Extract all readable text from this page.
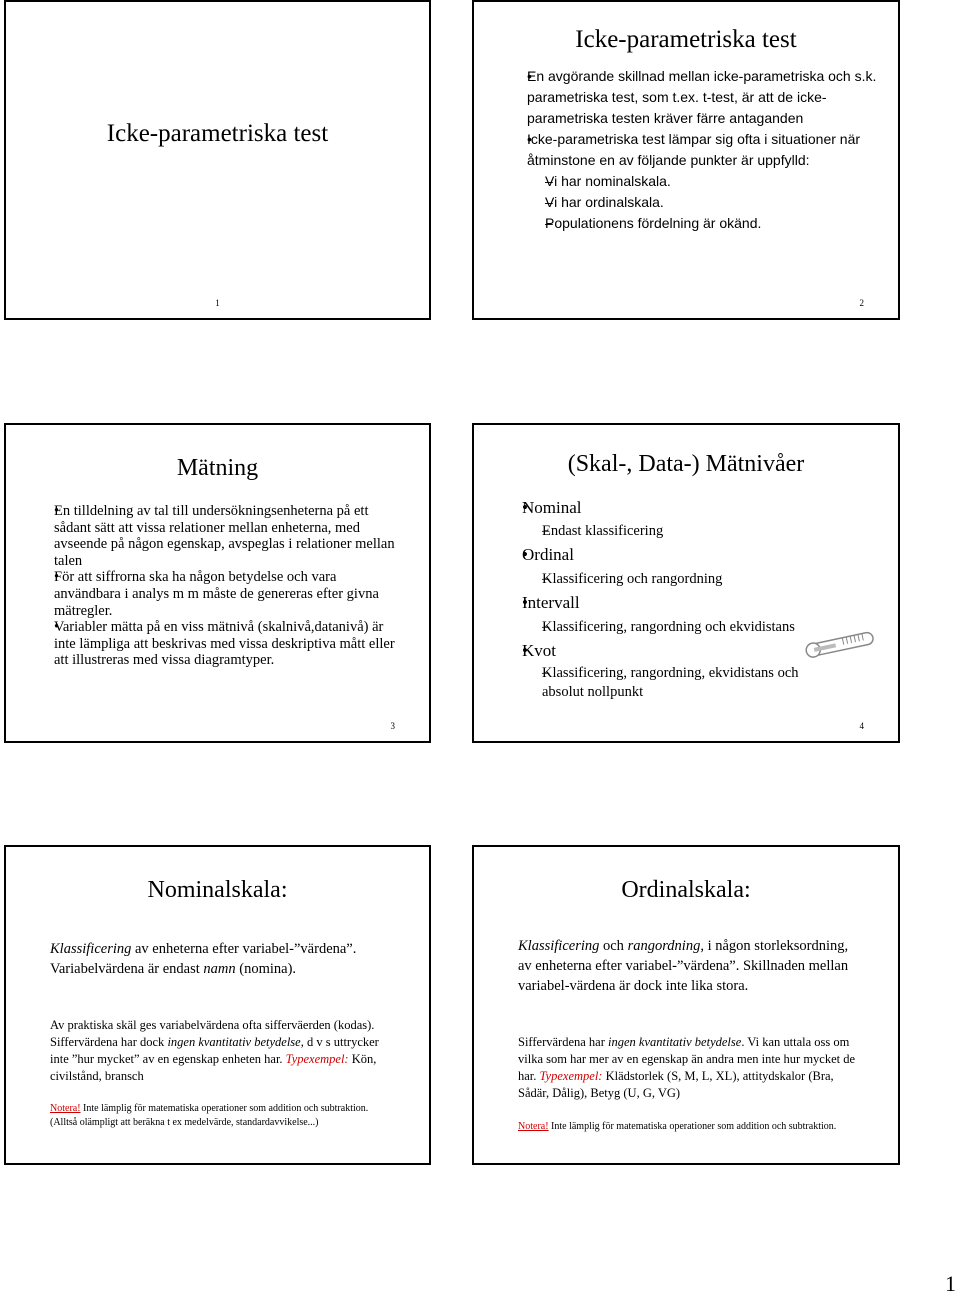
Icke-parametriska test
1
Icke-parametriska test
• En avgörande skillnad mellan icke-parametriska och s.k. parametriska test, som t.ex. t-test, är att de icke-parametriska testen kräver färre antaganden
• Icke-parametriska test lämpar sig ofta i situationer när åtminstone en av följande punkter är uppfylld:
– Vi har nominalskala.
– Vi har ordinalskala.
– Populationens fördelning är okänd.
2
Mätning
• En tilldelning av tal till undersökningsenheterna på ett sådant sätt att vissa relationer mellan enheterna, med avseende på någon egenskap, avspeglas i relationer mellan talen
• För att siffrorna ska ha någon betydelse och vara användbara i analys m m måste de genereras efter givna mätregler.
• Variabler mätta på en viss mätnivå (skalnivå,datanivå) är inte lämpliga att beskrivas med vissa deskriptiva mått eller att illustreras med vissa diagramtyper.
3
(Skal-, Data-) Mätnivåer
• Nominal
– Endast klassificering
• Ordinal
– Klassificering och rangordning
• Intervall
– Klassificering, rangordning och ekvidistans
• Kvot
– Klassificering, rangordning, ekvidistans och absolut nollpunkt
4
Nominalskala:
Klassificering av enheterna efter variabel-”värdena”. Variabelvärdena är endast namn (nomina).
Av praktiska skäl ges variabelvärdena ofta sifferväerden (kodas). Siffervärdena har dock ingen kvantitativ betydelse, d v s uttrycker inte ”hur mycket” av en egenskap enheten har. Typexempel: Kön, civilstånd, bransch
Notera! Inte lämplig för matematiska operationer som addition och subtraktion. (Alltså olämpligt att beräkna t ex medelvärde, standardavvikelse...)
Ordinalskala:
Klassificering och rangordning, i någon storleksordning, av enheterna efter variabel-”värdena”. Skillnaden mellan variabel-värdena är dock inte lika stora.
Siffervärdena har ingen kvantitativ betydelse. Vi kan uttala oss om vilka som har mer av en egenskap än andra men inte hur mycket de har. Typexempel: Klädstorlek (S, M, L, XL), attitydskalor (Bra, Sådär, Dålig), Betyg (U, G, VG)
Notera! Inte lämplig för matematiska operationer som addition och subtraktion.
1
